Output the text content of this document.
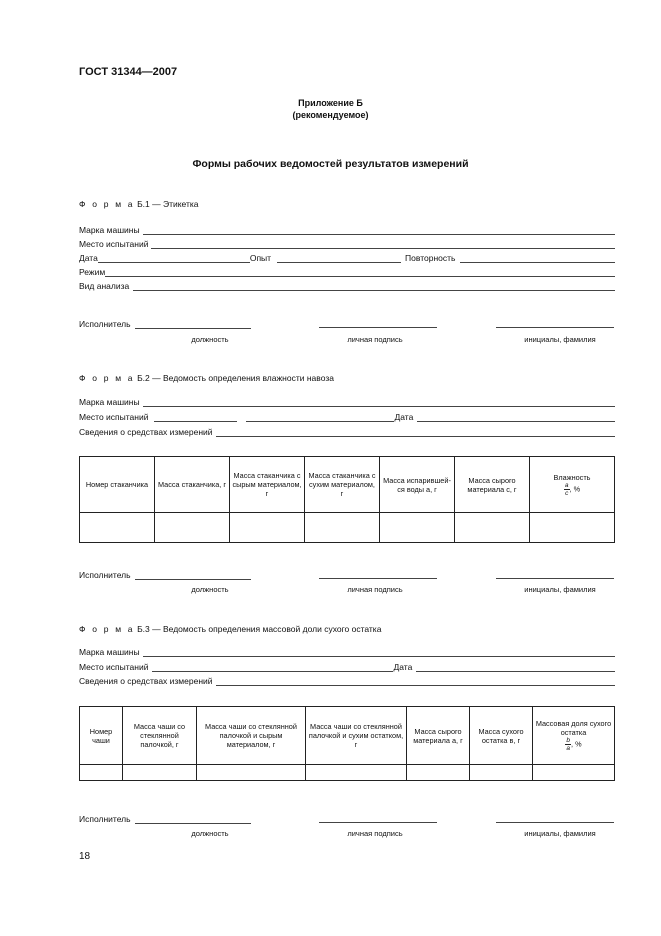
ГОСТ 31344—2007
Приложение Б
(рекомендуемое)
Формы рабочих ведомостей результатов измерений
Ф о р м а Б.1 — Этикетка
Марка машины
Место испытаний
Дата	Опыт	Повторность
Режим
Вид анализа
Исполнитель
должность	личная подпись	инициалы, фамилия
Ф о р м а Б.2 — Ведомость определения влажности навоза
Марка машины
Место испытаний	Дата
Сведения о средствах измерений
Номер стаканчика	Масса стаканчика, г	Масса стаканчика с сырым материалом, г	Масса стаканчика с сухим материалом, г	Масса испарившей-ся воды a, г	Масса сырого материала c, г	Влажность
$\frac{a}{c}$ , %

Исполнитель
должность	личная подпись	инициалы, фамилия
Ф о р м а Б.3 — Ведомость определения массовой доли сухого остатка
Марка машины
Место испытаний	Дата
Сведения о средствах измерений
Номер чаши	Масса чаши со стеклянной палочкой, г	Масса чаши со стеклянной палочкой и сырым материалом, г	Масса чаши со стеклянной палочкой и сухим остатком, г	Масса сырого материала a, г	Масса сухого остатка в, г	Массовая доля сухого остатка
$\frac{b}{a}$ , %

Исполнитель
должность	личная подпись	инициалы, фамилия
18
